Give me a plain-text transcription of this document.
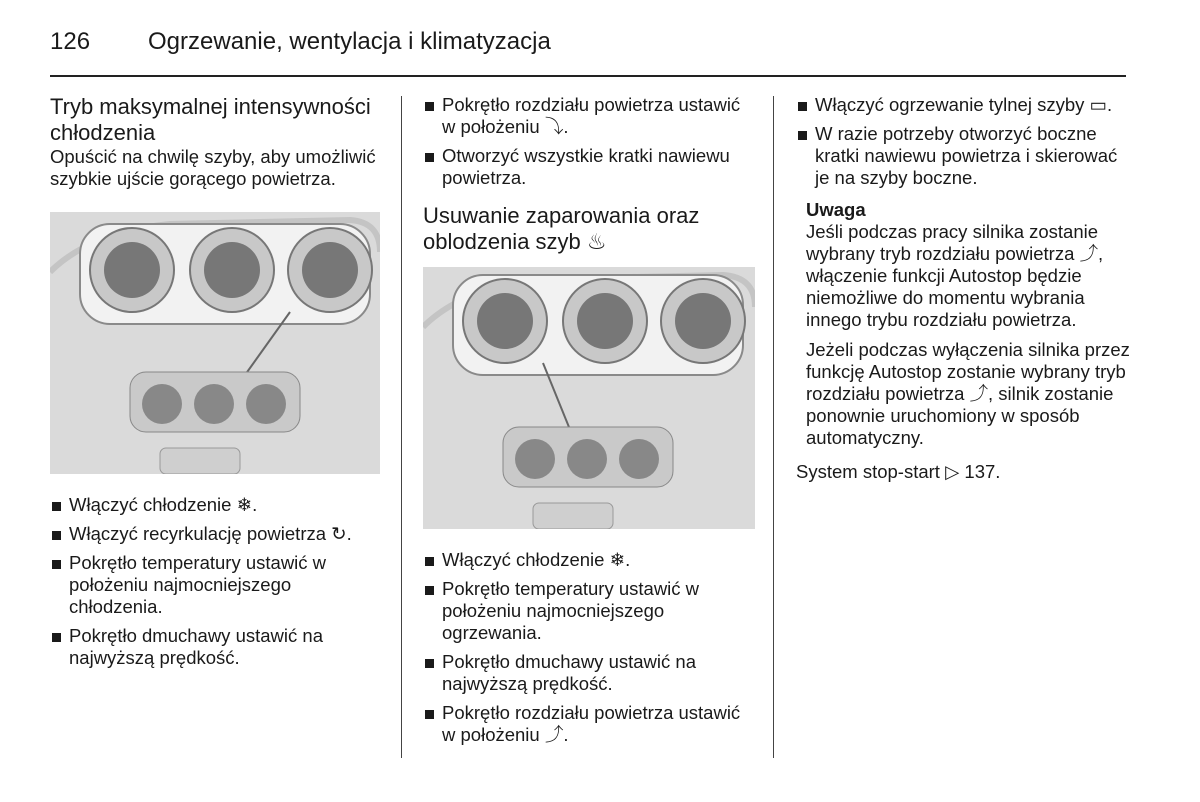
126 Ogrzewanie, wentylacja i klimatyzacja
Tryb maksymalnej intensywności chłodzenia

Opuścić na chwilę szyby, aby umożliwić szybkie ujście gorącego powietrza.

Włączyć chłodzenie ❄.
Włączyć recyrkulację powietrza ↻.
Pokrętło temperatury ustawić w położeniu najmocniejszego chłodzenia.
Pokrętło dmuchawy ustawić na najwyższą prędkość.
Pokrętło rozdziału powietrza ustawić w położeniu ⤵.
Otworzyć wszystkie kratki nawiewu powietrza.
Usuwanie zaparowania oraz oblodzenia szyb ♨
Włączyć chłodzenie ❄.
Pokrętło temperatury ustawić w położeniu najmocniejszego ogrzewania.
Pokrętło dmuchawy ustawić na najwyższą prędkość.
Pokrętło rozdziału powietrza ustawić w położeniu ⤴.
Włączyć ogrzewanie tylnej szyby ▭.
W razie potrzeby otworzyć boczne kratki nawiewu powietrza i skierować je na szyby boczne.
Uwaga

Jeśli podczas pracy silnika zostanie wybrany tryb rozdziału powietrza ⤴, włączenie funkcji Autostop będzie niemożliwe do momentu wybrania innego trybu rozdziału powietrza.

Jeżeli podczas wyłączenia silnika przez funkcję Autostop zostanie wybrany tryb rozdziału powietrza ⤴, silnik zostanie ponownie uruchomiony w sposób automatyczny.

System stop-start ▷ 137.
